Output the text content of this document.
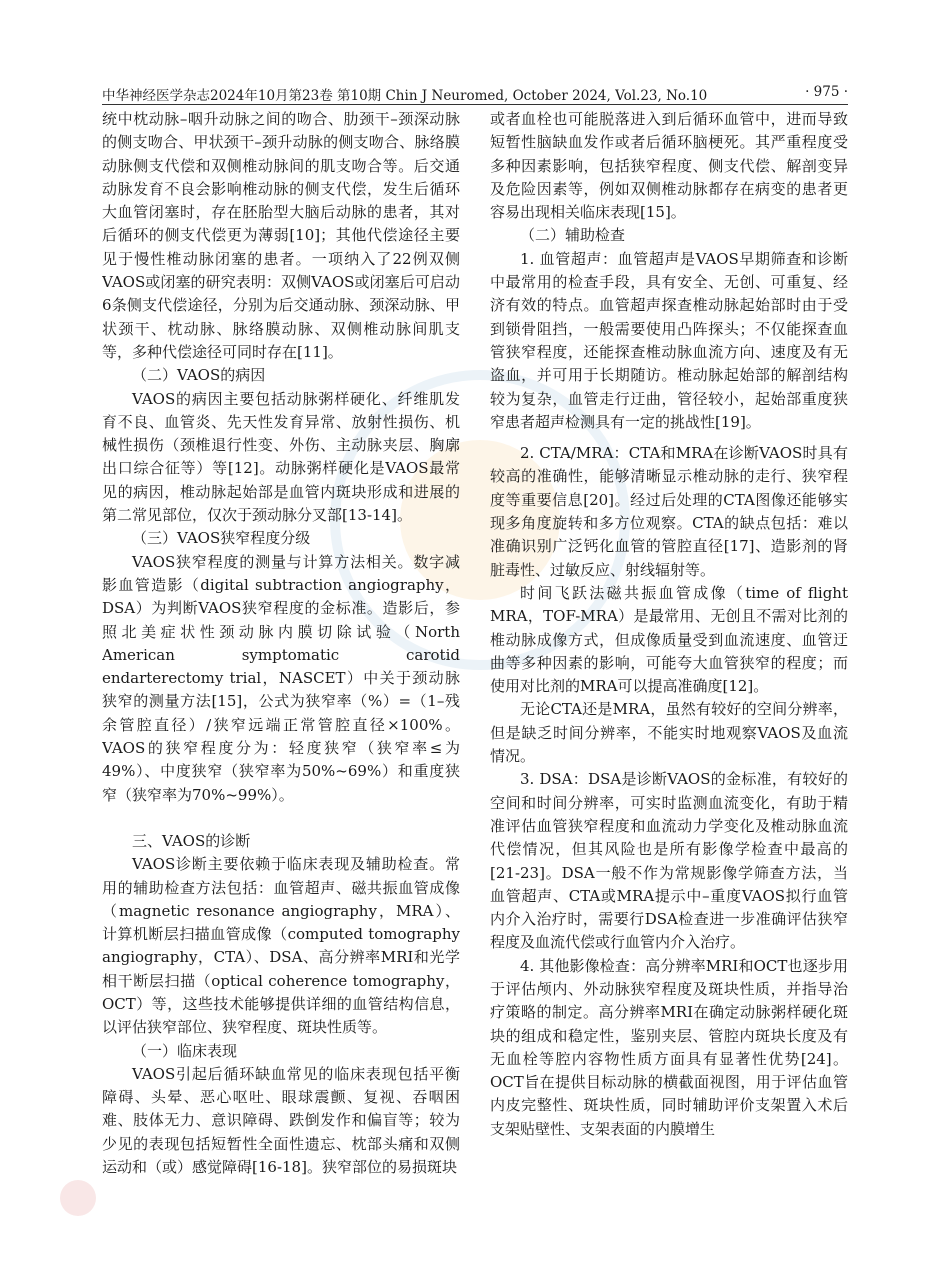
中华神经医学杂志2024年10月第23卷 第10期 Chin J Neuromed, October 2024, Vol.23, No.10	· 975 ·

统中枕动脉–咽升动脉之间的吻合、肋颈干–颈深动脉的侧支吻合、甲状颈干–颈升动脉的侧支吻合、脉络膜动脉侧支代偿和双侧椎动脉间的肌支吻合等。后交通动脉发育不良会影响椎动脉的侧支代偿，发生后循环大血管闭塞时，存在胚胎型大脑后动脉的患者，其对后循环的侧支代偿更为薄弱[10]；其他代偿途径主要见于慢性椎动脉闭塞的患者。一项纳入了22例双侧VAOS或闭塞的研究表明：双侧VAOS或闭塞后可启动6条侧支代偿途径，分别为后交通动脉、颈深动脉、甲状颈干、枕动脉、脉络膜动脉、双侧椎动脉间肌支等，多种代偿途径可同时存在[11]。

（二）VAOS的病因

VAOS的病因主要包括动脉粥样硬化、纤维肌发育不良、血管炎、先天性发育异常、放射性损伤、机械性损伤（颈椎退行性变、外伤、主动脉夹层、胸廓出口综合征等）等[12]。动脉粥样硬化是VAOS最常见的病因，椎动脉起始部是血管内斑块形成和进展的第二常见部位，仅次于颈动脉分叉部[13-14]。

（三）VAOS狭窄程度分级

VAOS狭窄程度的测量与计算方法相关。数字减影血管造影（digital subtraction angiography，DSA）为判断VAOS狭窄程度的金标准。造影后，参照北美症状性颈动脉内膜切除试验（North American symptomatic carotid endarterectomy trial，NASCET）中关于颈动脉狭窄的测量方法[15]，公式为狭窄率（%）=（1–残余管腔直径）/狭窄远端正常管腔直径×100%。VAOS的狭窄程度分为：轻度狭窄（狭窄率≤为49%）、中度狭窄（狭窄率为50%~69%）和重度狭窄（狭窄率为70%~99%）。

三、VAOS的诊断

VAOS诊断主要依赖于临床表现及辅助检查。常用的辅助检查方法包括：血管超声、磁共振血管成像（magnetic resonance angiography，MRA）、计算机断层扫描血管成像（computed tomography angiography，CTA）、DSA、高分辨率MRI和光学相干断层扫描（optical coherence tomography，OCT）等，这些技术能够提供详细的血管结构信息，以评估狭窄部位、狭窄程度、斑块性质等。

（一）临床表现

VAOS引起后循环缺血常见的临床表现包括平衡障碍、头晕、恶心呕吐、眼球震颤、复视、吞咽困难、肢体无力、意识障碍、跌倒发作和偏盲等；较为少见的表现包括短暂性全面性遗忘、枕部头痛和双侧运动和（或）感觉障碍[16-18]。狭窄部位的易损斑块

或者血栓也可能脱落进入到后循环血管中，进而导致短暂性脑缺血发作或者后循环脑梗死。其严重程度受多种因素影响，包括狭窄程度、侧支代偿、解剖变异及危险因素等，例如双侧椎动脉都存在病变的患者更容易出现相关临床表现[15]。

（二）辅助检查

1. 血管超声：血管超声是VAOS早期筛查和诊断中最常用的检查手段，具有安全、无创、可重复、经济有效的特点。血管超声探查椎动脉起始部时由于受到锁骨阻挡，一般需要使用凸阵探头；不仅能探查血管狭窄程度，还能探查椎动脉血流方向、速度及有无盗血，并可用于长期随访。椎动脉起始部的解剖结构较为复杂，血管走行迂曲，管径较小，起始部重度狭窄患者超声检测具有一定的挑战性[19]。

2. CTA/MRA：CTA和MRA在诊断VAOS时具有较高的准确性，能够清晰显示椎动脉的走行、狭窄程度等重要信息[20]。经过后处理的CTA图像还能够实现多角度旋转和多方位观察。CTA的缺点包括：难以准确识别广泛钙化血管的管腔直径[17]、造影剂的肾脏毒性、过敏反应、射线辐射等。

时间飞跃法磁共振血管成像（time of flight MRA，TOF-MRA）是最常用、无创且不需对比剂的椎动脉成像方式，但成像质量受到血流速度、血管迂曲等多种因素的影响，可能夸大血管狭窄的程度；而使用对比剂的MRA可以提高准确度[12]。

无论CTA还是MRA，虽然有较好的空间分辨率，但是缺乏时间分辨率，不能实时地观察VAOS及血流情况。

3. DSA：DSA是诊断VAOS的金标准，有较好的空间和时间分辨率，可实时监测血流变化，有助于精准评估血管狭窄程度和血流动力学变化及椎动脉血流代偿情况，但其风险也是所有影像学检查中最高的[21-23]。DSA一般不作为常规影像学筛查方法，当血管超声、CTA或MRA提示中–重度VAOS拟行血管内介入治疗时，需要行DSA检查进一步准确评估狭窄程度及血流代偿或行血管内介入治疗。

4. 其他影像检查：高分辨率MRI和OCT也逐步用于评估颅内、外动脉狭窄程度及斑块性质，并指导治疗策略的制定。高分辨率MRI在确定动脉粥样硬化斑块的组成和稳定性，鉴别夹层、管腔内斑块长度及有无血栓等腔内容物性质方面具有显著性优势[24]。OCT旨在提供目标动脉的横截面视图，用于评估血管内皮完整性、斑块性质，同时辅助评价支架置入术后支架贴壁性、支架表面的内膜增生
